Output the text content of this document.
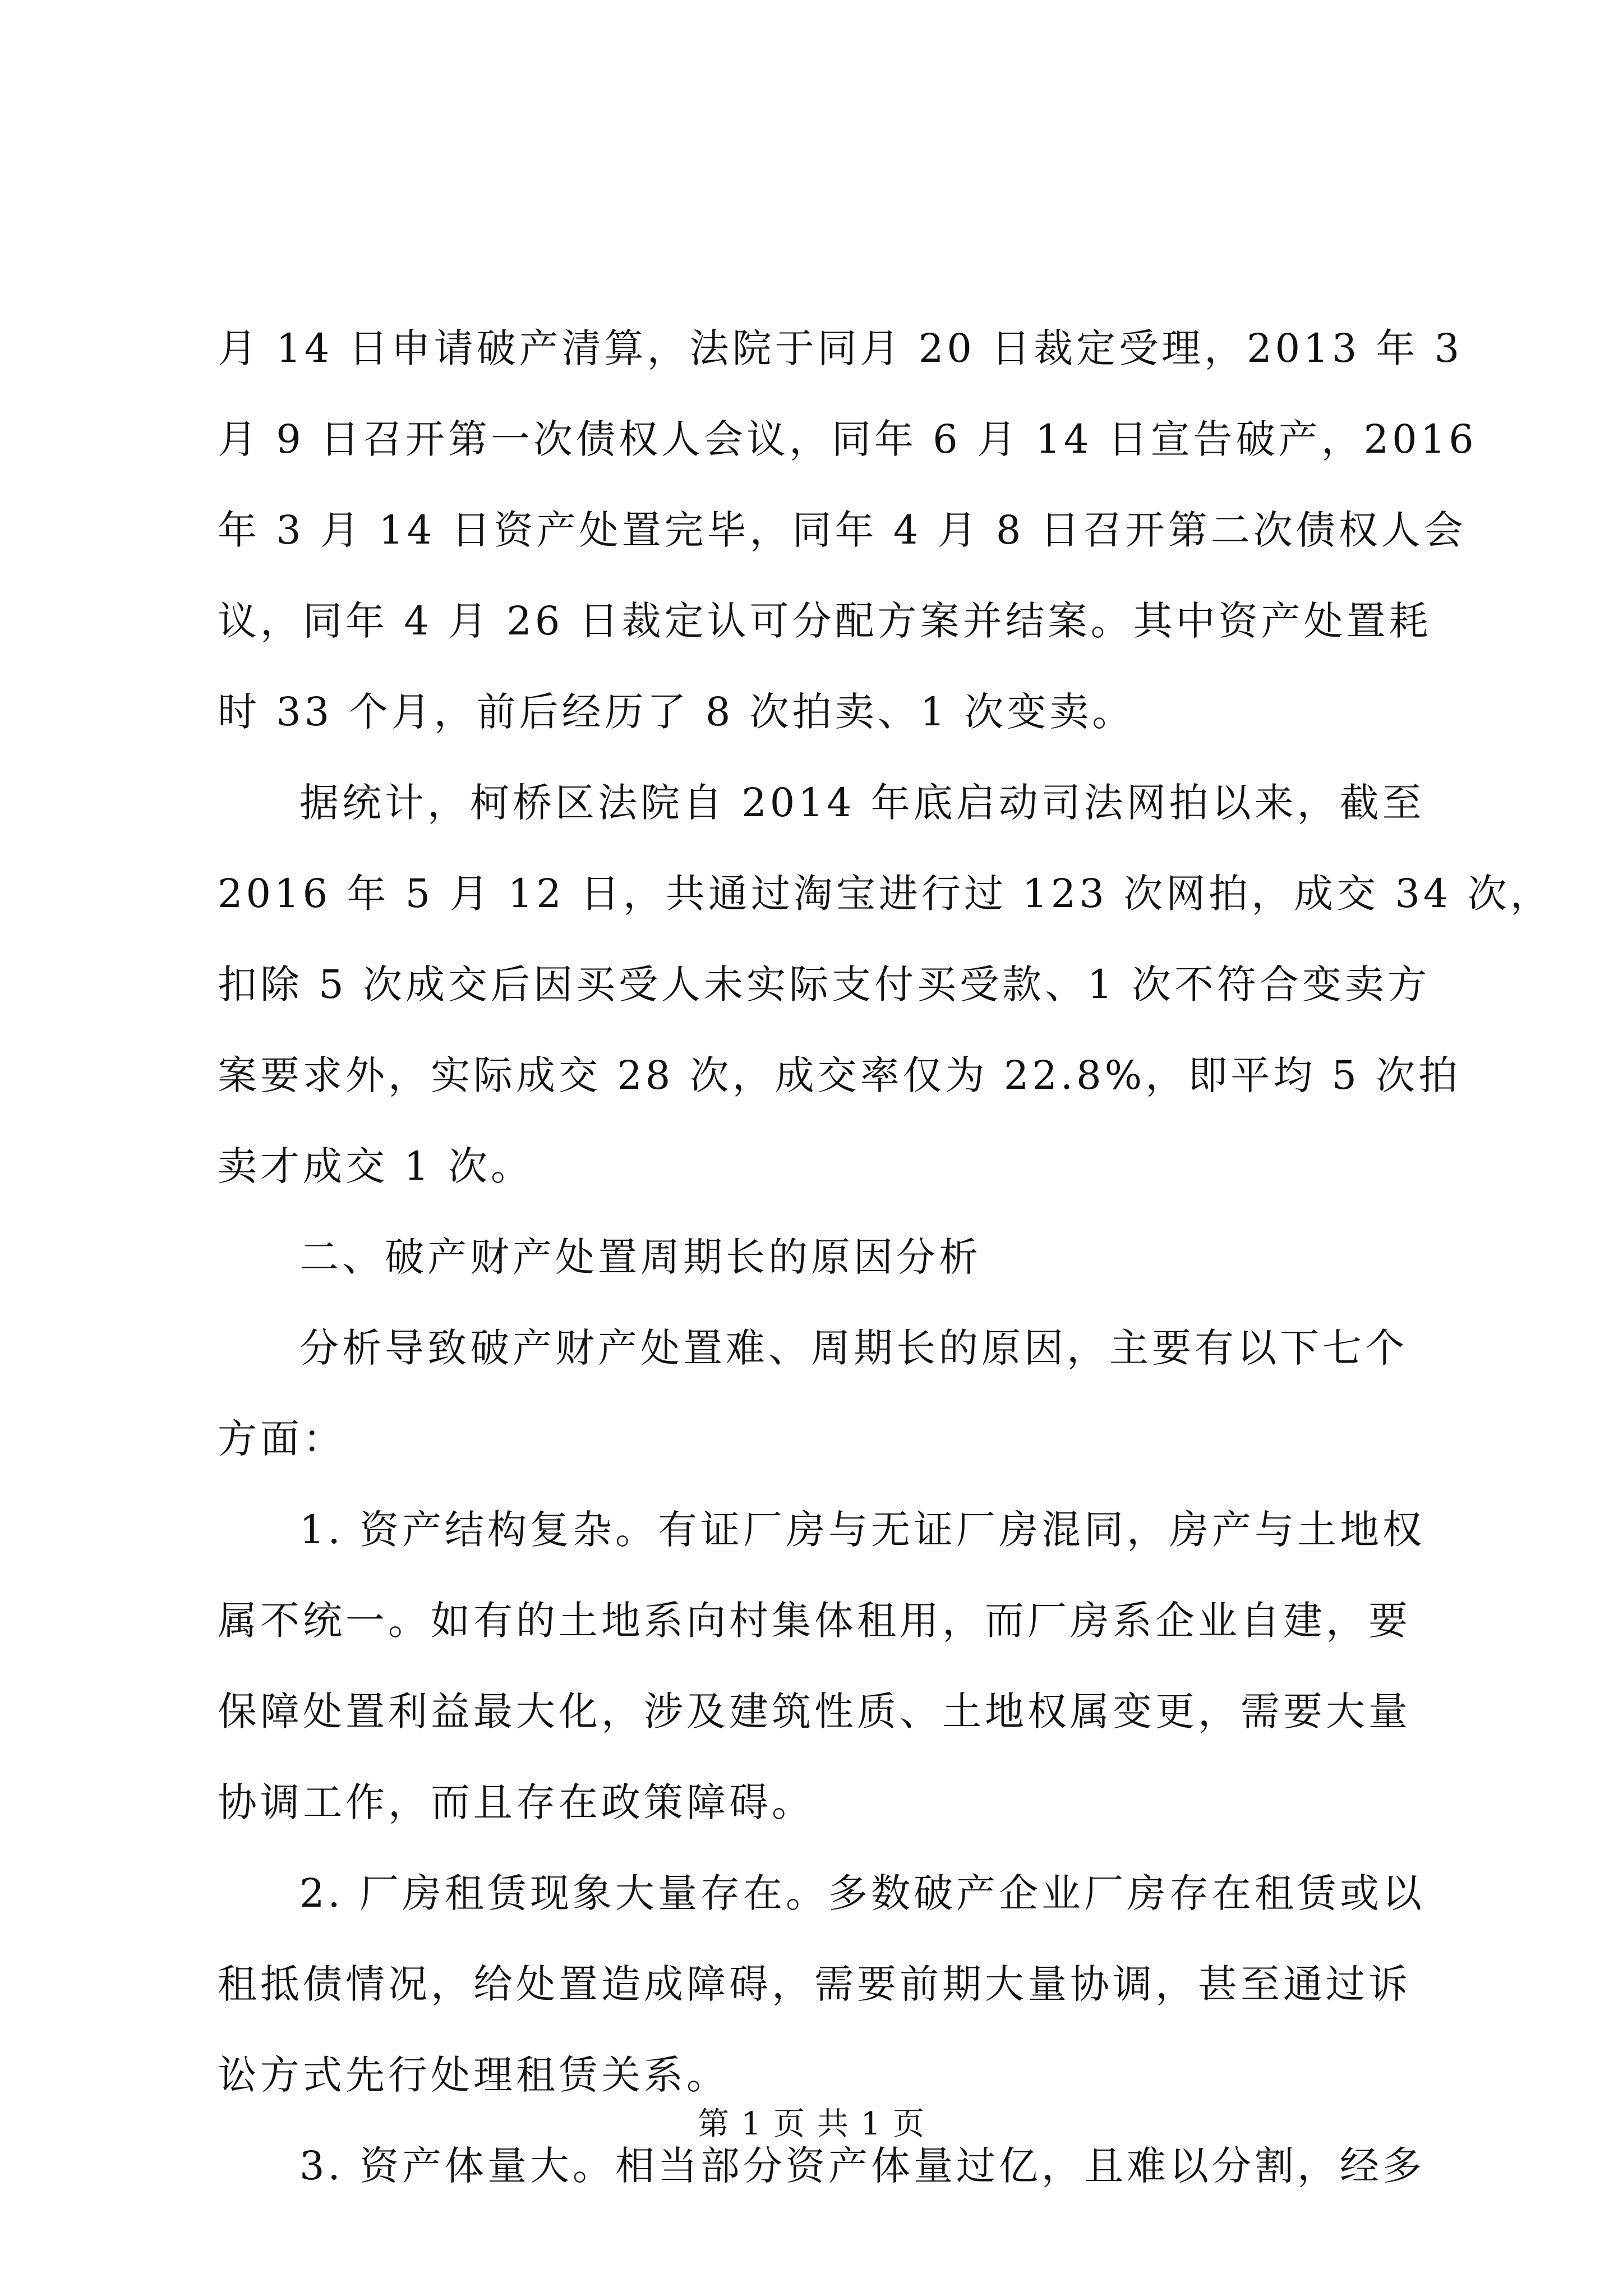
月 14 日申请破产清算，法院于同月 20 日裁定受理，2013 年 3
月 9 日召开第一次债权人会议，同年 6 月 14 日宣告破产，2016
年 3 月 14 日资产处置完毕，同年 4 月 8 日召开第二次债权人会
议，同年 4 月 26 日裁定认可分配方案并结案。其中资产处置耗
时 33 个月，前后经历了 8 次拍卖、1 次变卖。
据统计，柯桥区法院自 2014 年底启动司法网拍以来，截至
2016 年 5 月 12 日，共通过淘宝进行过 123 次网拍，成交 34 次，
扣除 5 次成交后因买受人未实际支付买受款、1 次不符合变卖方
案要求外，实际成交 28 次，成交率仅为 22.8%，即平均 5 次拍
卖才成交 1 次。
二、破产财产处置周期长的原因分析
分析导致破产财产处置难、周期长的原因，主要有以下七个
方面：
1. 资产结构复杂。有证厂房与无证厂房混同，房产与土地权
属不统一。如有的土地系向村集体租用，而厂房系企业自建，要
保障处置利益最大化，涉及建筑性质、土地权属变更，需要大量
协调工作，而且存在政策障碍。
2. 厂房租赁现象大量存在。多数破产企业厂房存在租赁或以
租抵债情况，给处置造成障碍，需要前期大量协调，甚至通过诉
讼方式先行处理租赁关系。
3. 资产体量大。相当部分资产体量过亿，且难以分割，经多
第 1 页 共 1 页
